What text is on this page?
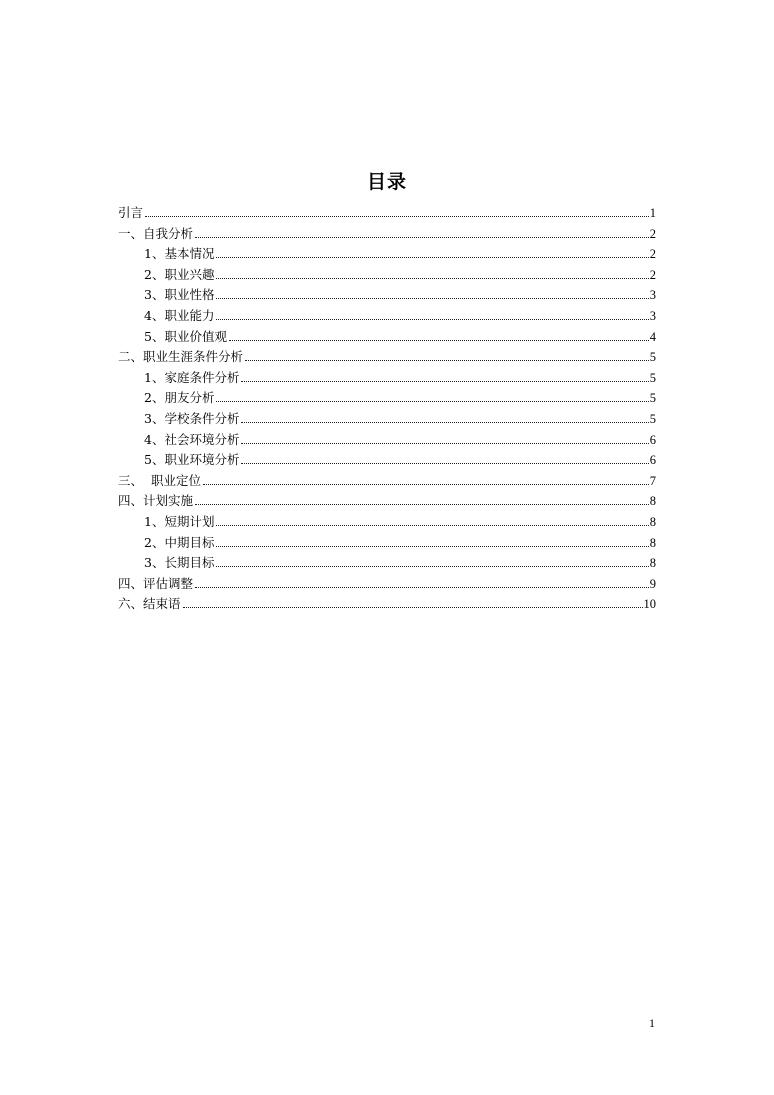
目录
引言	1
一、自我分析	2
1、基本情况	2
2、职业兴趣	2
3、职业性格	3
4、职业能力	3
5、职业价值观	4
二、职业生涯条件分析	5
1、家庭条件分析	5
2、朋友分析	5
3、学校条件分析	5
4、社会环境分析	6
5、职业环境分析	6
三、  职业定位	7
四、计划实施	8
1、短期计划	8
2、中期目标	8
3、长期目标	8
四、评估调整	9
六、结束语	10
1
